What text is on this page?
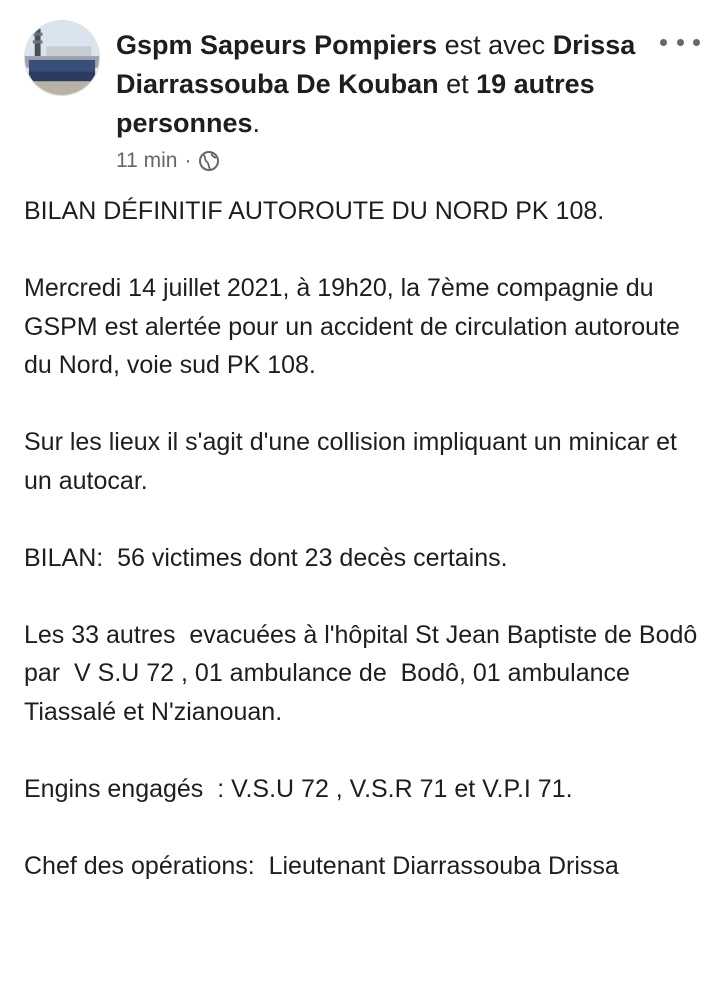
Gspm Sapeurs Pompiers est avec Drissa Diarrassouba De Kouban et 19 autres personnes.
11 min ·

BILAN DÉFINITIF AUTOROUTE DU NORD PK 108.

Mercredi 14 juillet 2021, à 19h20, la 7ème compagnie du GSPM est alertée pour un accident de circulation autoroute du Nord, voie sud PK 108.

Sur les lieux il s'agit d'une collision impliquant un minicar et un autocar.

BILAN:  56 victimes dont 23 decès certains.

Les 33 autres  evacuées à l'hôpital St Jean Baptiste de Bodô par  V S.U 72 , 01 ambulance de  Bodô, 01 ambulance Tiassalé et N'zianouan.

Engins engagés  : V.S.U 72 , V.S.R 71 et V.P.I 71.

Chef des opérations:  Lieutenant Diarrassouba Drissa
